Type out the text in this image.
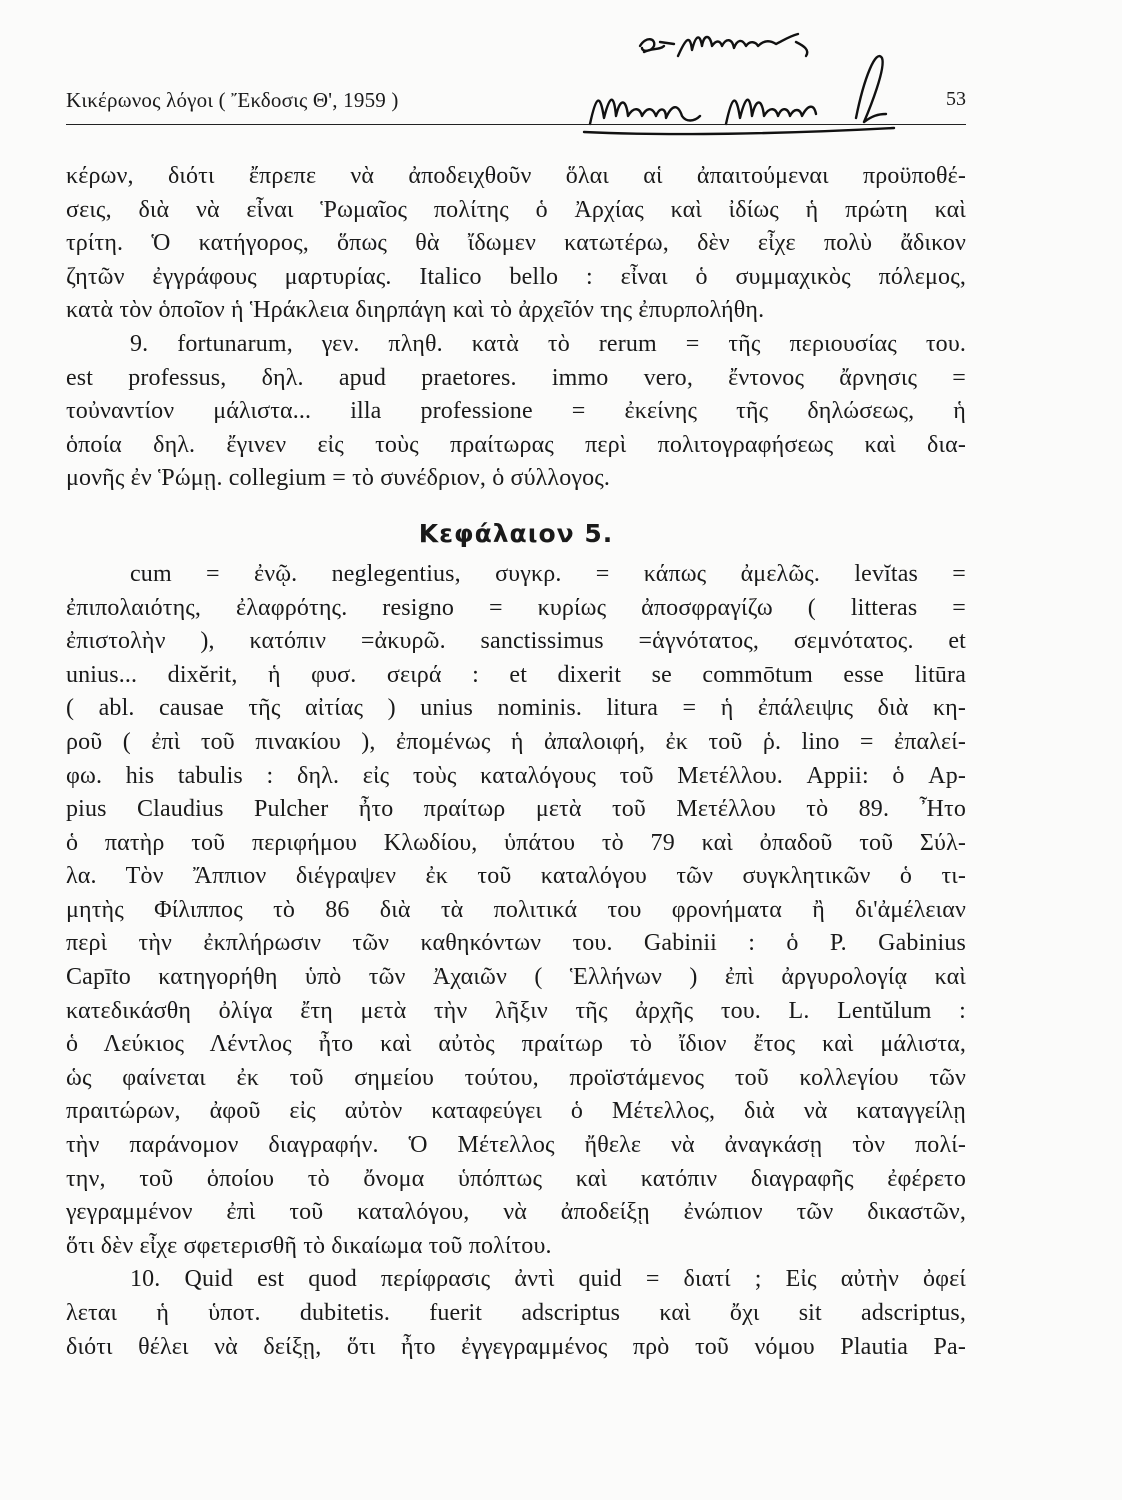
Κικέρωνος λόγοι ( Ἔκδοσις Θ', 1959 )	53
κέρων, διότι ἔπρεπε νὰ ἀποδειχθοῦν ὅλαι αἱ ἀπαιτούμεναι προϋποθέ-
σεις, διὰ νὰ εἶναι Ῥωμαῖος πολίτης ὁ Ἀρχίας καὶ ἰδίως ἡ πρώτη καὶ
τρίτη. Ὁ κατήγορος, ὅπως θὰ ἴδωμεν κατωτέρω, δὲν εἶχε πολὺ ἄδικον
ζητῶν ἐγγράφους μαρτυρίας. Italico bello : εἶναι ὁ συμμαχικὸς πόλεμος,
κατὰ τὸν ὁποῖον ἡ Ἡράκλεια διηρπάγη καὶ τὸ ἀρχεῖόν της ἐπυρπολήθη.
9. fortunarum, γεν. πληθ. κατὰ τὸ rerum = τῆς περιουσίας του.
est professus, δηλ. apud praetores. immo vero, ἔντονος ἄρνησις =
τοὐναντίον μάλιστα... illa professione = ἐκείνης τῆς δηλώσεως, ἡ
ὁποία δηλ. ἔγινεν εἰς τοὺς πραίτωρας περὶ πολιτογραφήσεως καὶ δια-
μονῆς ἐν Ῥώμῃ. collegium = τὸ συνέδριον, ὁ σύλλογος.
Κεφάλαιον 5.
cum = ἐνῷ. neglegentius, συγκρ. = κάπως ἀμελῶς. levĭtas =
ἐπιπολαιότης, ἐλαφρότης. resigno = κυρίως ἀποσφραγίζω ( litteras =
ἐπιστολὴν ), κατόπιν =ἀκυρῶ. sanctissimus =ἁγνότατος, σεμνότατος. et
unius... dixĕrit, ἡ φυσ. σειρά : et dixerit se commōtum esse litūra
( abl. causae τῆς αἰτίας ) unius nominis. litura = ἡ ἐπάλειψις διὰ κη-
ροῦ ( ἐπὶ τοῦ πινακίου ), ἐπομένως ἡ ἀπαλοιφή, ἐκ τοῦ ῥ. lino = ἐπαλεί-
φω. his tabulis : δηλ. εἰς τοὺς καταλόγους τοῦ Μετέλλου. Appii: ὁ Ap-
pius Claudius Pulcher ἦτο πραίτωρ μετὰ τοῦ Μετέλλου τὸ 89. Ἦτο
ὁ πατὴρ τοῦ περιφήμου Κλωδίου, ὑπάτου τὸ 79 καὶ ὀπαδοῦ τοῦ Σύλ-
λα. Τὸν Ἄππιον διέγραψεν ἐκ τοῦ καταλόγου τῶν συγκλητικῶν ὁ τι-
μητὴς Φίλιππος τὸ 86 διὰ τὰ πολιτικά του φρονήματα ἢ δι'ἀμέλειαν
περὶ τὴν ἐκπλήρωσιν τῶν καθηκόντων του. Gabinii : ὁ P. Gabinius
Capīto κατηγορήθη ὑπὸ τῶν Ἀχαιῶν ( Ἑλλήνων ) ἐπὶ ἀργυρολογίᾳ καὶ
κατεδικάσθη ὀλίγα ἔτη μετὰ τὴν λῆξιν τῆς ἀρχῆς του. L. Lentŭlum :
ὁ Λεύκιος Λέντλος ἦτο καὶ αὐτὸς πραίτωρ τὸ ἴδιον ἔτος καὶ μάλιστα,
ὡς φαίνεται ἐκ τοῦ σημείου τούτου, προϊστάμενος τοῦ κολλεγίου τῶν
πραιτώρων, ἀφοῦ εἰς αὐτὸν καταφεύγει ὁ Μέτελλος, διὰ νὰ καταγγείλῃ
τὴν παράνομον διαγραφήν. Ὁ Μέτελλος ἤθελε νὰ ἀναγκάσῃ τὸν πολί-
την, τοῦ ὁποίου τὸ ὄνομα ὑπόπτως καὶ κατόπιν διαγραφῆς ἐφέρετο
γεγραμμένον ἐπὶ τοῦ καταλόγου, νὰ ἀποδείξῃ ἐνώπιον τῶν δικαστῶν,
ὅτι δὲν εἶχε σφετερισθῆ τὸ δικαίωμα τοῦ πολίτου.
10. Quid est quod περίφρασις ἀντὶ quid = διατί ; Εἰς αὐτὴν ὀφεί
λεται ἡ ὑποτ. dubitetis. fuerit adscriptus καὶ ὄχι sit adscriptus,
διότι θέλει νὰ δείξῃ, ὅτι ἦτο ἐγγεγραμμένος πρὸ τοῦ νόμου Plautia Pa-
